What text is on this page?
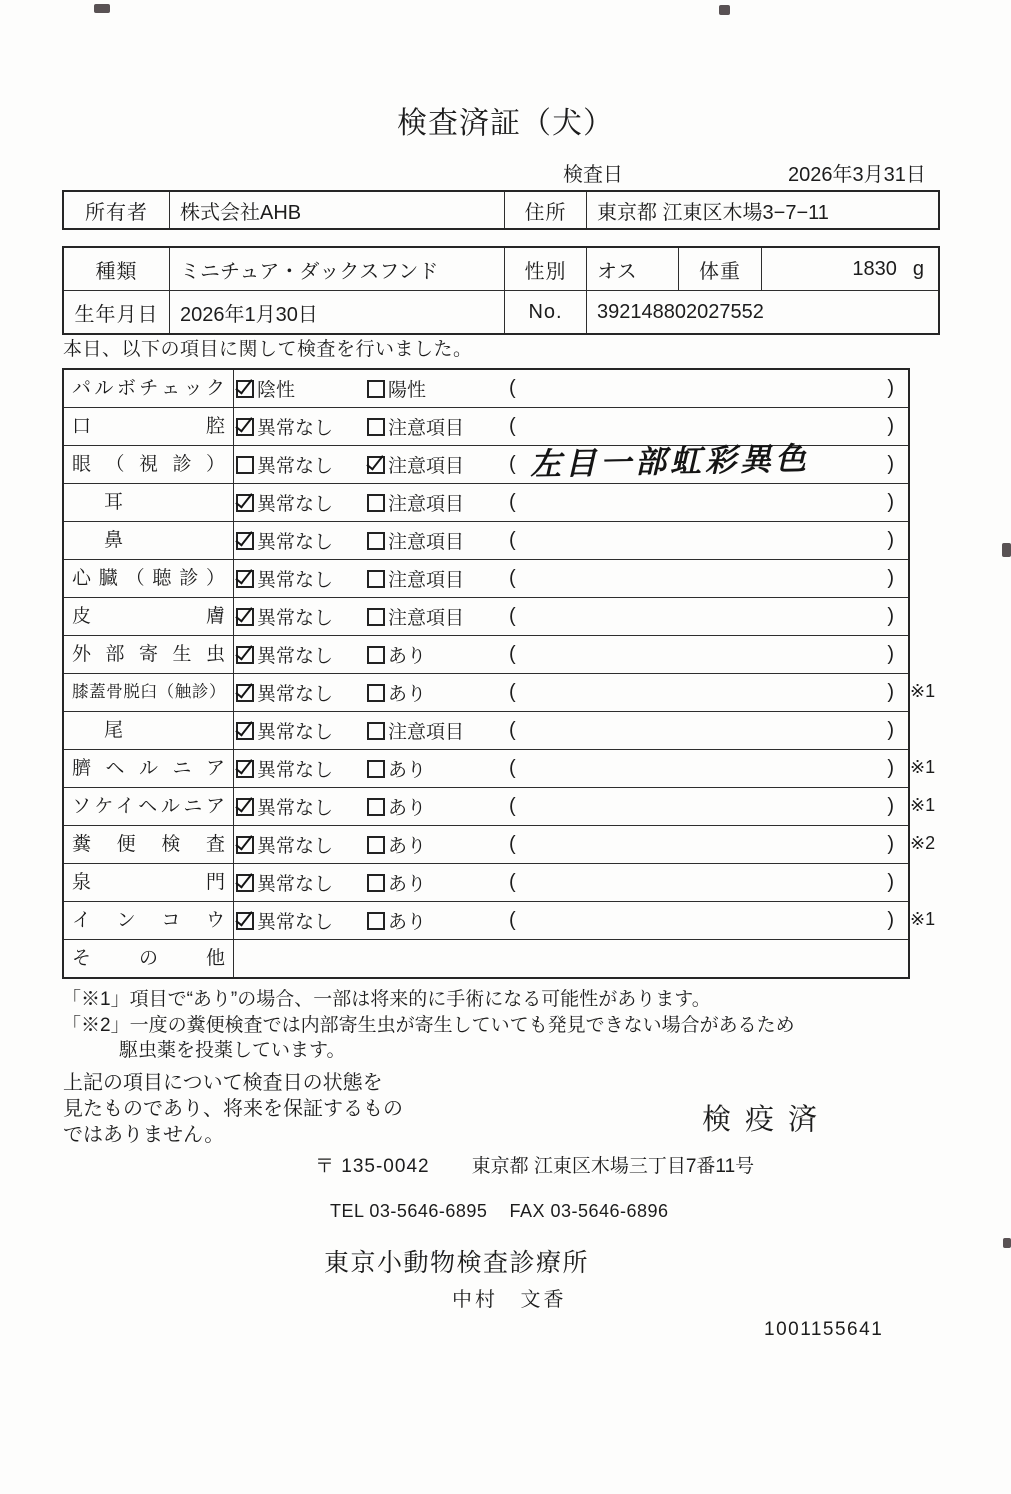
検査済証（犬）
検査日	2026年3月31日
所有者	株式会社AHB	住所	東京都 江東区木場3−7−11
種類	ミニチュア・ダックスフンド	性別	オス	体重	1830 g
生年月日	2026年1月30日	No.	392148802027552

本日、以下の項目に関して検査を行いました。

パルボチェック	陰性	陽性	(	)
口腔	異常なし	注意項目 (	)
眼（視診）	異常なし	注意項目 ( 左目一部虹彩異色	)
耳	異常なし	注意項目 (	)
鼻	異常なし	注意項目 (	)
心臓（聴診）	異常なし	注意項目 (	)
皮膚	異常なし	注意項目 (	)
外部寄生虫	異常なし	あり	(	)
膝蓋骨脱臼（触診）	異常なし	あり	(	) ※1
尾	異常なし	注意項目 (	)
臍ヘルニア	異常なし	あり	(	) ※1
ソケイヘルニア	異常なし	あり	(	) ※1
糞便検査	異常なし	あり	(	) ※2
泉門	異常なし	あり	(	)
インコウ	異常なし	あり	(	) ※1
その他
「※1」項目で“あり”の場合、一部は将来的に手術になる可能性があります。
「※2」一度の糞便検査では内部寄生虫が寄生していても発見できない場合があるため
駆虫薬を投薬しています。
上記の項目について検査日の状態を
見たものであり、将来を保証するもの
ではありません。	検疫済
〒 135-0042 東京都 江東区木場三丁目7番11号
TEL 03-5646-6895 FAX 03-5646-6896
東京小動物検査診療所
中村 文香
1001155641
